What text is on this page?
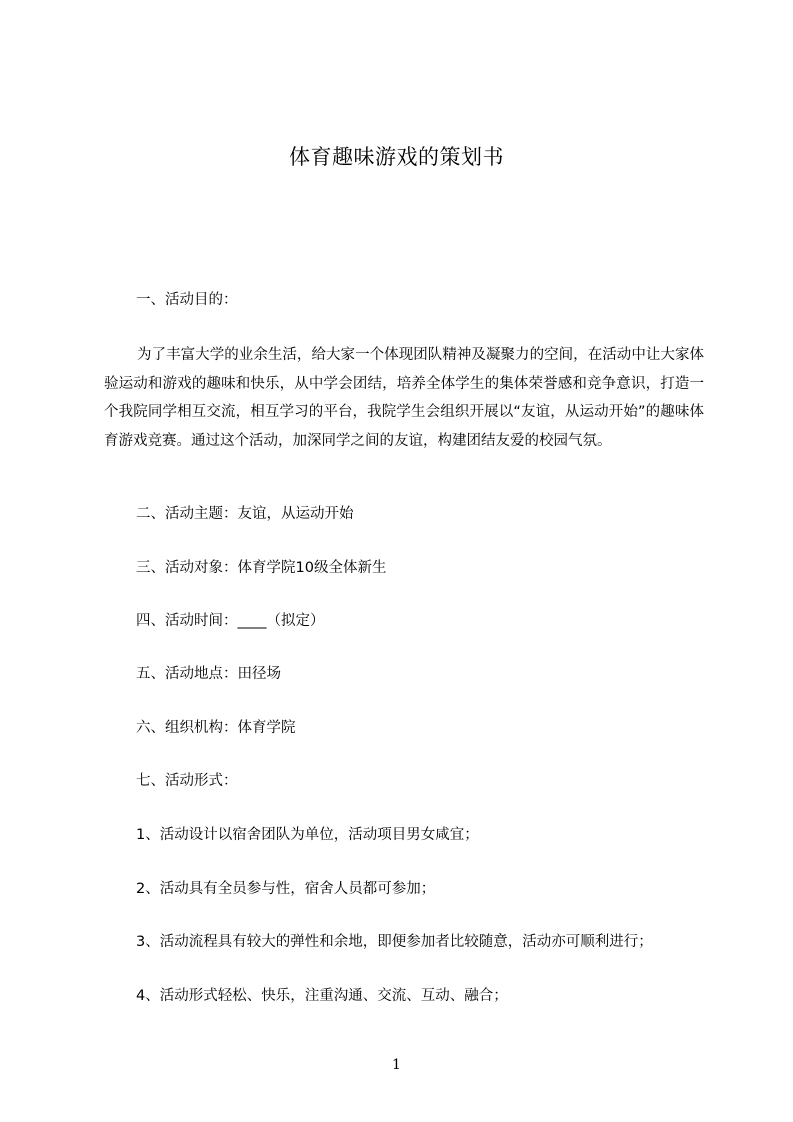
体育趣味游戏的策划书
一、活动目的：
为了丰富大学的业余生活，给大家一个体现团队精神及凝聚力的空间，在活动中让大家体验运动和游戏的趣味和快乐，从中学会团结，培养全体学生的集体荣誉感和竞争意识，打造一个我院同学相互交流，相互学习的平台，我院学生会组织开展以“友谊，从运动开始”的趣味体育游戏竞赛。通过这个活动，加深同学之间的友谊，构建团结友爱的校园气氛。
二、活动主题：友谊，从运动开始
三、活动对象：体育学院10级全体新生
四、活动时间：____（拟定）
五、活动地点：田径场
六、组织机构：体育学院
七、活动形式：
1、活动设计以宿舍团队为单位，活动项目男女咸宜；
2、活动具有全员参与性，宿舍人员都可参加；
3、活动流程具有较大的弹性和余地，即便参加者比较随意，活动亦可顺利进行；
4、活动形式轻松、快乐，注重沟通、交流、互动、融合；
1
